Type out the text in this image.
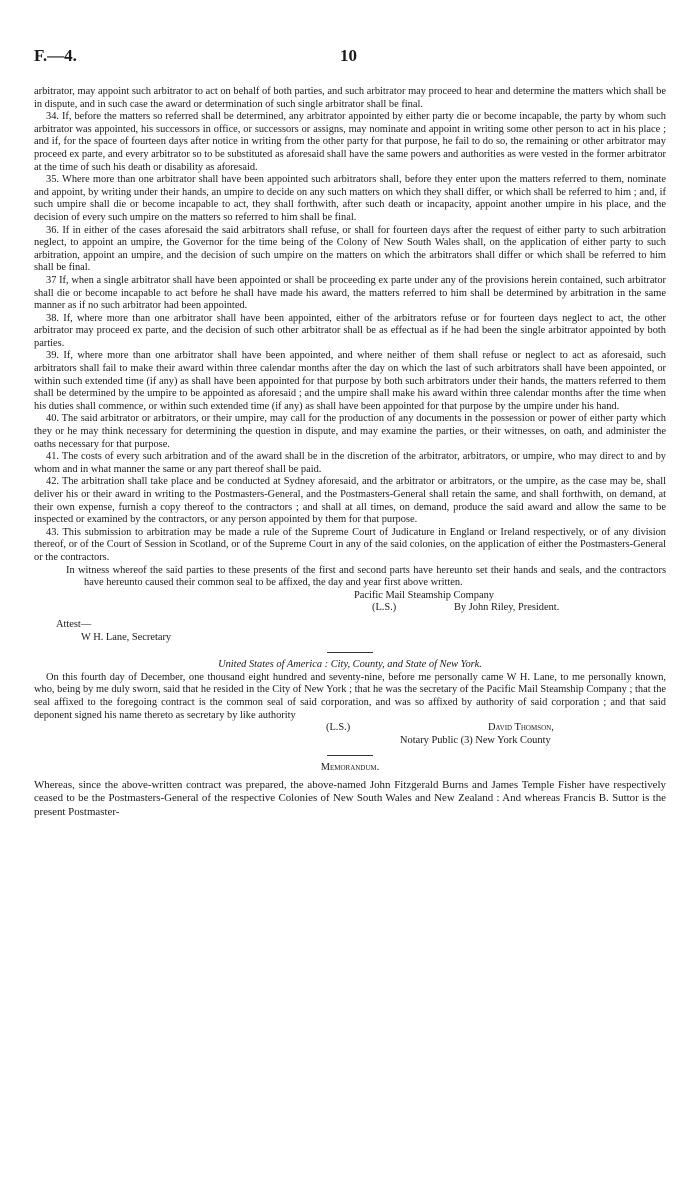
F.—4.	10

arbitrator, may appoint such arbitrator to act on behalf of both parties, and such arbitrator may proceed to hear and determine the matters which shall be in dispute, and in such case the award or determination of such single arbitrator shall be final.

34. If, before the matters so referred shall be determined, any arbitrator appointed by either party die or become incapable, the party by whom such arbitrator was appointed, his successors in office, or successors or assigns, may nominate and appoint in writing some other person to act in his place ; and if, for the space of fourteen days after notice in writing from the other party for that purpose, he fail to do so, the remaining or other arbitrator may proceed ex parte, and every arbitrator so to be substituted as aforesaid shall have the same powers and authorities as were vested in the former arbitrator at the time of such his death or disability as aforesaid.

35. Where more than one arbitrator shall have been appointed such arbitrators shall, before they enter upon the matters referred to them, nominate and appoint, by writing under their hands, an umpire to decide on any such matters on which they shall differ, or which shall be referred to him ; and, if such umpire shall die or become incapable to act, they shall forthwith, after such death or incapacity, appoint another umpire in his place, and the decision of every such umpire on the matters so referred to him shall be final.

36. If in either of the cases aforesaid the said arbitrators shall refuse, or shall for fourteen days after the request of either party to such arbitration neglect, to appoint an umpire, the Governor for the time being of the Colony of New South Wales shall, on the application of either party to such arbitration, appoint an umpire, and the decision of such umpire on the matters on which the arbitrators shall differ or which shall be referred to him shall be final.

37 If, when a single arbitrator shall have been appointed or shall be proceeding ex parte under any of the provisions herein contained, such arbitrator shall die or become incapable to act before he shall have made his award, the matters referred to him shall be determined by arbitration in the same manner as if no such arbitrator had been appointed.

38. If, where more than one arbitrator shall have been appointed, either of the arbitrators refuse or for fourteen days neglect to act, the other arbitrator may proceed ex parte, and the decision of such other arbitrator shall be as effectual as if he had been the single arbitrator appointed by both parties.

39. If, where more than one arbitrator shall have been appointed, and where neither of them shall refuse or neglect to act as aforesaid, such arbitrators shall fail to make their award within three calendar months after the day on which the last of such arbitrators shall have been appointed, or within such extended time (if any) as shall have been appointed for that purpose by both such arbitrators under their hands, the matters referred to them shall be determined by the umpire to be appointed as aforesaid ; and the umpire shall make his award within three calendar months after the time when his duties shall commence, or within such extended time (if any) as shall have been appointed for that purpose by the umpire under his hand.

40. The said arbitrator or arbitrators, or their umpire, may call for the production of any documents in the possession or power of either party which they or he may think necessary for determining the question in dispute, and may examine the parties, or their witnesses, on oath, and administer the oaths necessary for that purpose.

41. The costs of every such arbitration and of the award shall be in the discretion of the arbitrator, arbitrators, or umpire, who may direct to and by whom and in what manner the same or any part thereof shall be paid.

42. The arbitration shall take place and be conducted at Sydney aforesaid, and the arbitrator or arbitrators, or the umpire, as the case may be, shall deliver his or their award in writing to the Postmasters-General, and the Postmasters-General shall retain the same, and shall forthwith, on demand, at their own expense, furnish a copy thereof to the contractors ; and shall at all times, on demand, produce the said award and allow the same to be inspected or examined by the contractors, or any person appointed by them for that purpose.

43. This submission to arbitration may be made a rule of the Supreme Court of Judicature in England or Ireland respectively, or of any division thereof, or of the Court of Session in Scotland, or of the Supreme Court in any of the said colonies, on the application of either the Postmasters-General or the contractors.

In witness whereof the said parties to these presents of the first and second parts have hereunto set their hands and seals, and the contractors have hereunto caused their common seal to be affixed, the day and year first above written.

Pacific Mail Steamship Company
(L.S.)	By John Riley, President.
Attest—
W H. Lane, Secretary

United States of America : City, County, and State of New York.

On this fourth day of December, one thousand eight hundred and seventy-nine, before me personally came W H. Lane, to me personally known, who, being by me duly sworn, said that he resided in the City of New York ; that he was the secretary of the Pacific Mail Steamship Company ; that the seal affixed to the foregoing contract is the common seal of said corporation, and was so affixed by authority of said corporation ; and that said deponent signed his name thereto as secretary by like authority

(L.S.)	David Thomson,
Notary Public (3) New York County
Memorandum.

Whereas, since the above-written contract was prepared, the above-named John Fitzgerald Burns and James Temple Fisher have respectively ceased to be the Postmasters-General of the respective Colonies of New South Wales and New Zealand : And whereas Francis B. Suttor is the present Postmaster-
